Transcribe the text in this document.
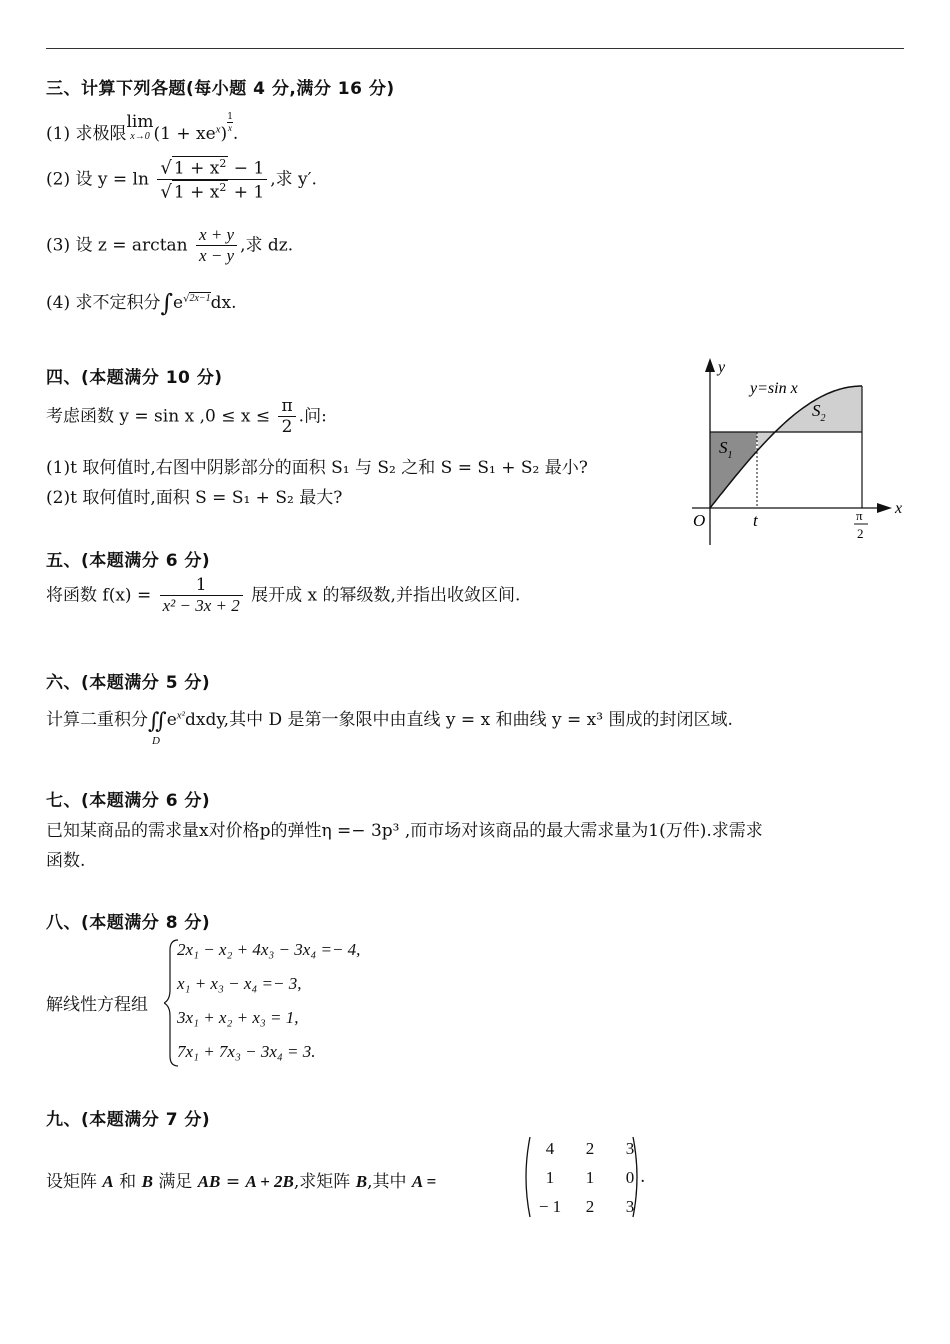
三、计算下列各题(每小题 4 分,满分 16 分)
(1) 求极限
lim
x→0 $(1 + xe^x)$
$\frac{1}{x}$
.
(2) 设 $y = \ln \frac{√ 1 + x^2 - 1}{√ 1 + x^2 + 1}$ ,求 y′.
(3) 设 $z = \arctan \frac{x + y}{x - y}$ ,求 dz.
(4) 求不定积分$\int e^{√2x-1}dx$.
四、(本题满分 10 分)
考虑函数 y = sin x $,0 \le x \le \frac{\pi}{2}$ .问:
(1)t 取何值时,右图中阴影部分的面积 S₁ 与 S₂ 之和 S = S₁ + S₂ 最小?
(2)t 取何值时,面积 S = S₁ + S₂ 最大?
y
x
y=sin x
$S_1$
$S_2$
O	t	π
2
五、(本题满分 6 分)
将函数 $f(x) = \frac{1}{\text{x² − 3x + 2}}$ 展开成 x 的幂级数,并指出收敛区间.
六、(本题满分 5 分)
计算二重积分∬
D
$e^{x^2}dxdy$,其中 D 是第一象限中由直线 y = x 和曲线 y = x³ 围成的封闭区域.
七、(本题满分 6 分)
已知某商品的需求量x对价格p的弹性η =− 3p³ ,而市场对该商品的最大需求量为1(万件).求需求
函数.
八、(本题满分 8 分)
解线性方程组
2x₁ − x₂ + 4x₃ − 3x₄ =− 4,
x₁ + x₃ − x₄ =− 3,
3x₁ + x₂ + x₃ = 1,
7x₁ + 7x₃ − 3x₄ = 3.
九、(本题满分 7 分)
设矩阵 A 和 B 满足 AB = A + 2B,求矩阵 B,其中 A =
4	2	3
1	1	0
− 1	2	3
.
